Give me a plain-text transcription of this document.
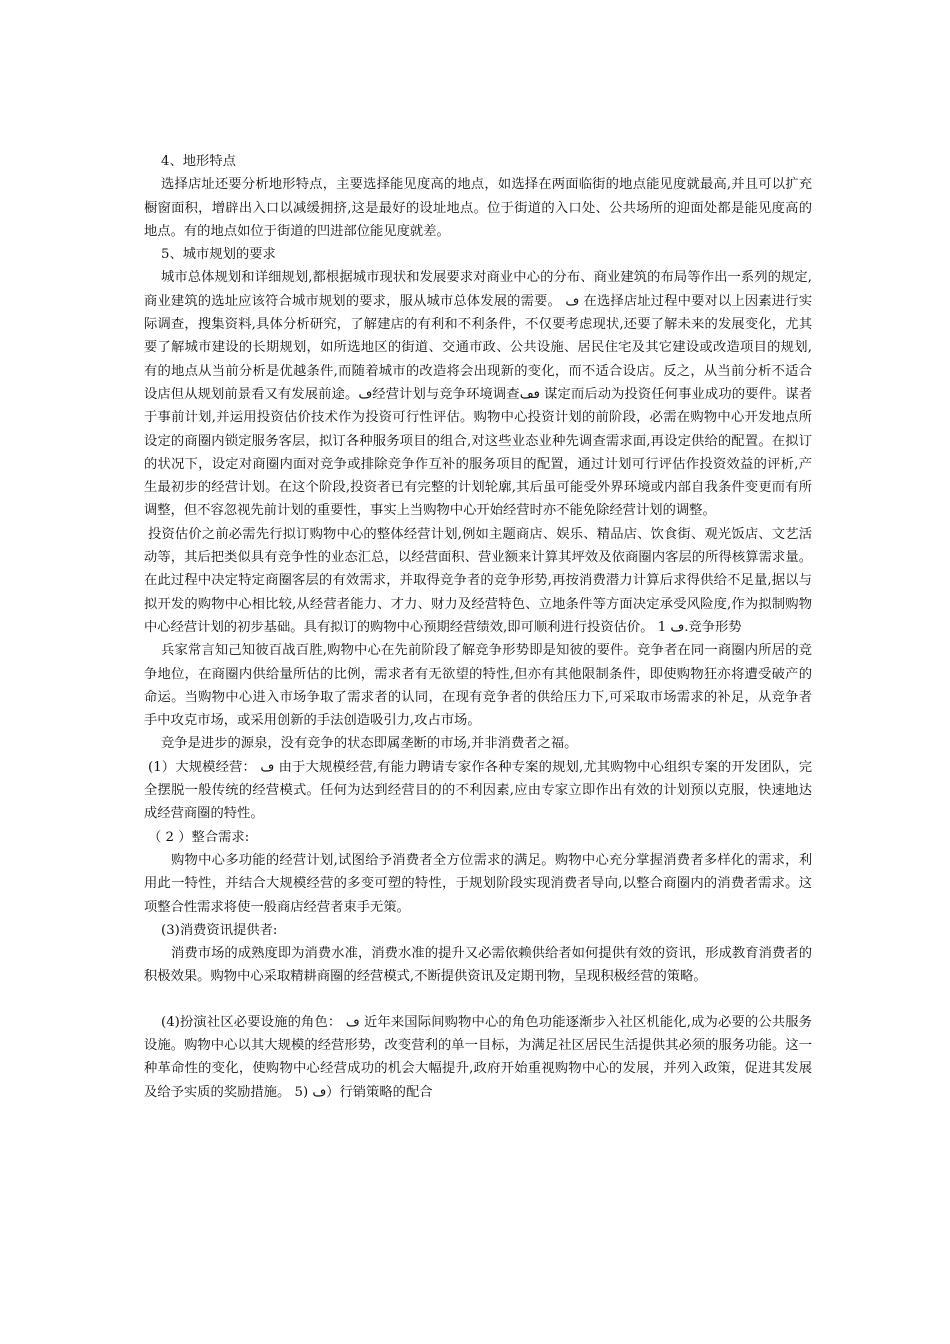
4、地形特点

选择店址还要分析地形特点，主要选择能见度高的地点，如选择在两面临街的地点能见度就最高,并且可以扩充橱窗面积，增辟出入口以减缓拥挤,这是最好的设址地点。位于街道的入口处、公共场所的迎面处都是能见度高的地点。有的地点如位于街道的凹进部位能见度就差。

5、城市规划的要求

城市总体规划和详细规划,都根据城市现状和发展要求对商业中心的分布、商业建筑的布局等作出一系列的规定,商业建筑的选址应该符合城市规划的要求，服从城市总体发展的需要。 ڡ 在选择店址过程中要对以上因素进行实际调查，搜集资料,具体分析研究，了解建店的有利和不利条件，不仅要考虑现状,还要了解未来的发展变化，尤其要了解城市建设的长期规划，如所选地区的街道、交通市政、公共设施、居民住宅及其它建设或改造项目的规划,有的地点从当前分析是优越条件,而随着城市的改造将会出现新的变化，而不适合设店。反之，从当前分析不适合设店但从规划前景看又有发展前途。ڡ经营计划与竞争环境调查ڡڡ 谋定而后动为投资任何事业成功的要件。谋者于事前计划,并运用投资估价技术作为投资可行性评估。购物中心投资计划的前阶段，必需在购物中心开发地点所设定的商圈内锁定服务客层，拟订各种服务项目的组合,对这些业态业种先调查需求面,再设定供给的配置。在拟订的状况下，设定对商圈内面对竞争或排除竞争作互补的服务项目的配置，通过计划可行评估作投资效益的评析,产生最初步的经营计划。在这个阶段,投资者已有完整的计划轮廓,其后虽可能受外界环境或内部自我条件变更而有所调整，但不容忽视先前计划的重要性，事实上当购物中心开始经营时亦不能免除经营计划的调整。

投资估价之前必需先行拟订购物中心的整体经营计划,例如主题商店、娱乐、精品店、饮食街、观光饭店、文艺活动等，其后把类似具有竞争性的业态汇总，以经营面积、营业额来计算其坪效及依商圈内客层的所得核算需求量。在此过程中决定特定商圈客层的有效需求，并取得竞争者的竞争形势,再按消费潜力计算后求得供给不足量,据以与拟开发的购物中心相比较,从经营者能力、才力、财力及经营特色、立地条件等方面决定承受风险度,作为拟制购物中心经营计划的初步基础。具有拟订的购物中心预期经营绩效,即可顺利进行投资估价。 1 ڡ.竞争形势

兵家常言知己知彼百战百胜,购物中心在先前阶段了解竞争形势即是知彼的要件。竞争者在同一商圈内所居的竞争地位，在商圈内供给量所估的比例，需求者有无欲望的特性,但亦有其他限制条件，即使购物狂亦将遭受破产的命运。当购物中心进入市场争取了需求者的认同，在现有竞争者的供给压力下,可采取市场需求的补足，从竞争者手中攻克市场，或采用创新的手法创造吸引力,攻占市场。

竞争是进步的源泉，没有竞争的状态即属垄断的市场,并非消费者之福。

(1）大规模经营： ڡ 由于大规模经营,有能力聘请专家作各种专案的规划,尤其购物中心组织专案的开发团队，完全摆脱一般传统的经营模式。任何为达到经营目的的不利因素,应由专家立即作出有效的计划预以克服，快速地达成经营商圈的特性。

（ 2 ）整合需求:

购物中心多功能的经营计划,试图给予消费者全方位需求的满足。购物中心充分掌握消费者多样化的需求，利用此一特性，并结合大规模经营的多变可塑的特性，于规划阶段实现消费者导向,以整合商圈内的消费者需求。这项整合性需求将使一般商店经营者束手无策。

(3)消费资讯提供者:

消费市场的成熟度即为消费水准，消费水准的提升又必需依赖供给者如何提供有效的资讯，形成教育消费者的积极效果。购物中心采取精耕商圈的经营模式,不断提供资讯及定期刊物，呈现积极经营的策略。

(4)扮演社区必要设施的角色： ڡ 近年来国际间购物中心的角色功能逐渐步入社区机能化,成为必要的公共服务设施。购物中心以其大规模的经营形势，改变营利的单一目标，为满足社区居民生活提供其必须的服务功能。这一种革命性的变化，使购物中心经营成功的机会大幅提升,政府开始重视购物中心的发展，并列入政策，促进其发展及给予实质的奖励措施。 5) ڡ）行销策略的配合
